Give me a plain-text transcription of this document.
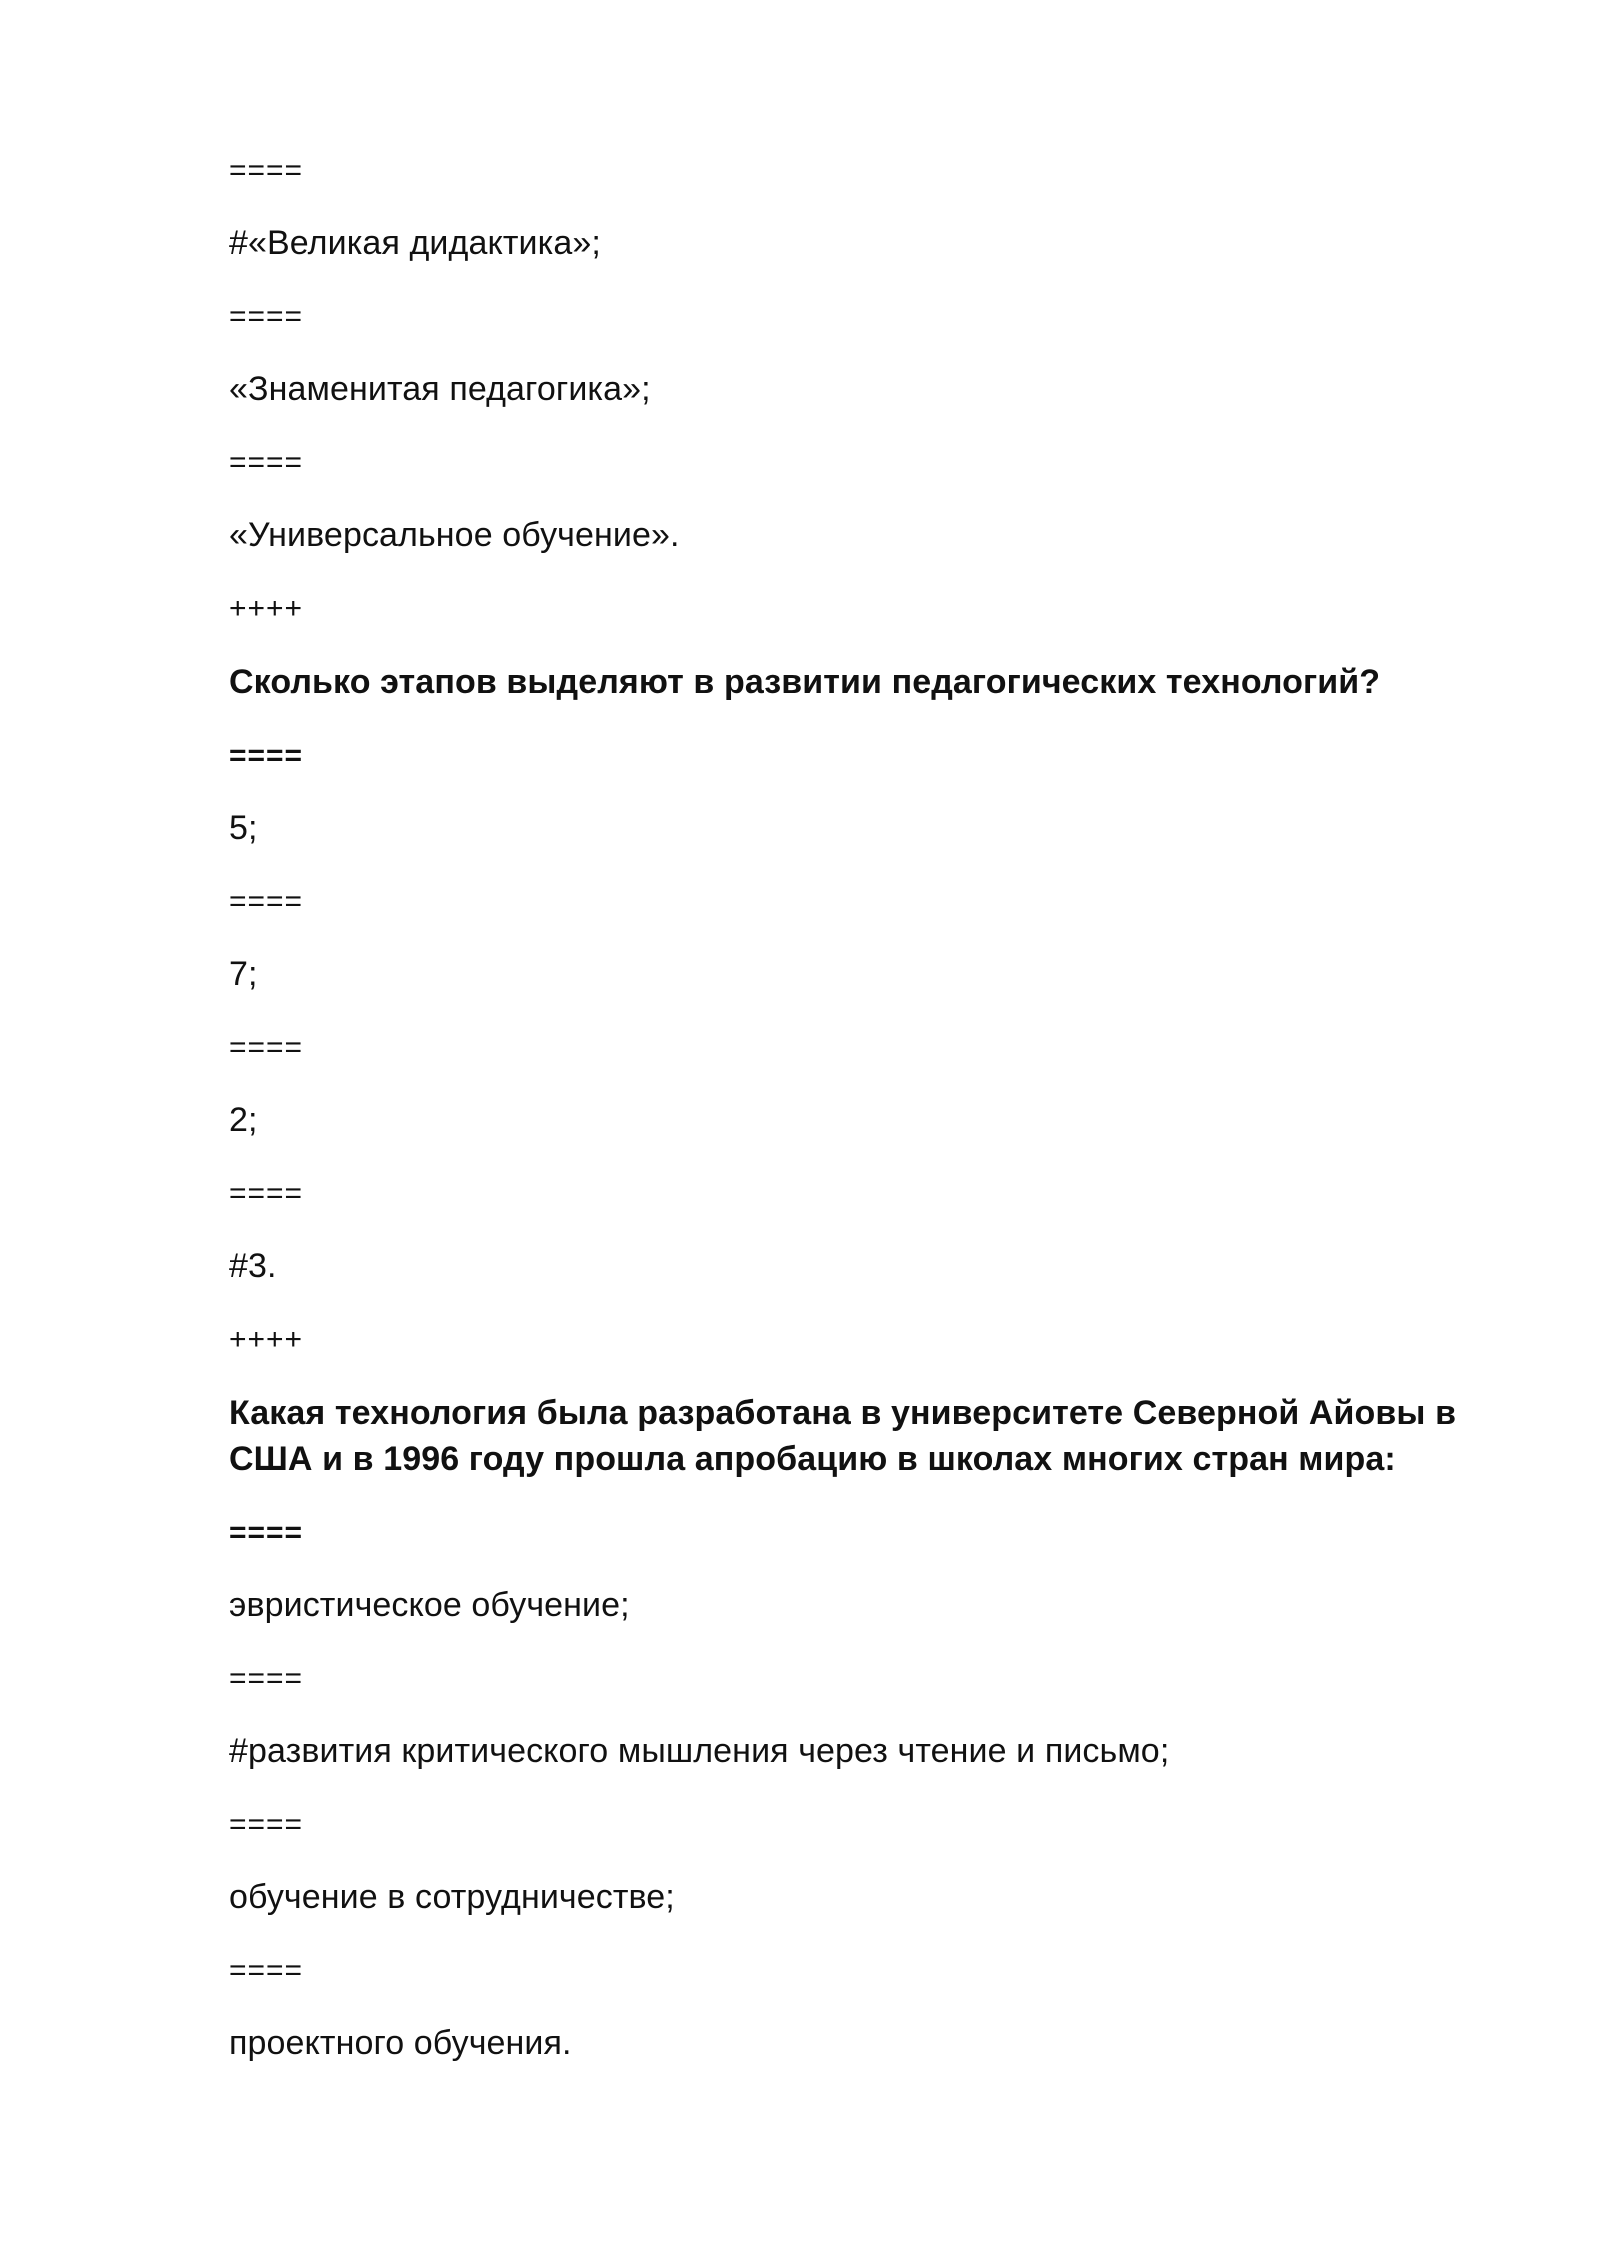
====
#«Великая дидактика»;
====
«Знаменитая педагогика»;
====
«Универсальное обучение».
++++
Сколько этапов выделяют в развитии педагогических технологий?
====
5;
====
7;
====
2;
====
#3.
++++
Какая технология была разработана в университете Северной Айовы в США и в 1996 году прошла апробацию в школах многих стран мира:
====
эвристическое обучение;
====
#развития критического мышления через чтение и письмо;
====
обучение в сотрудничестве;
====
проектного обучения.
